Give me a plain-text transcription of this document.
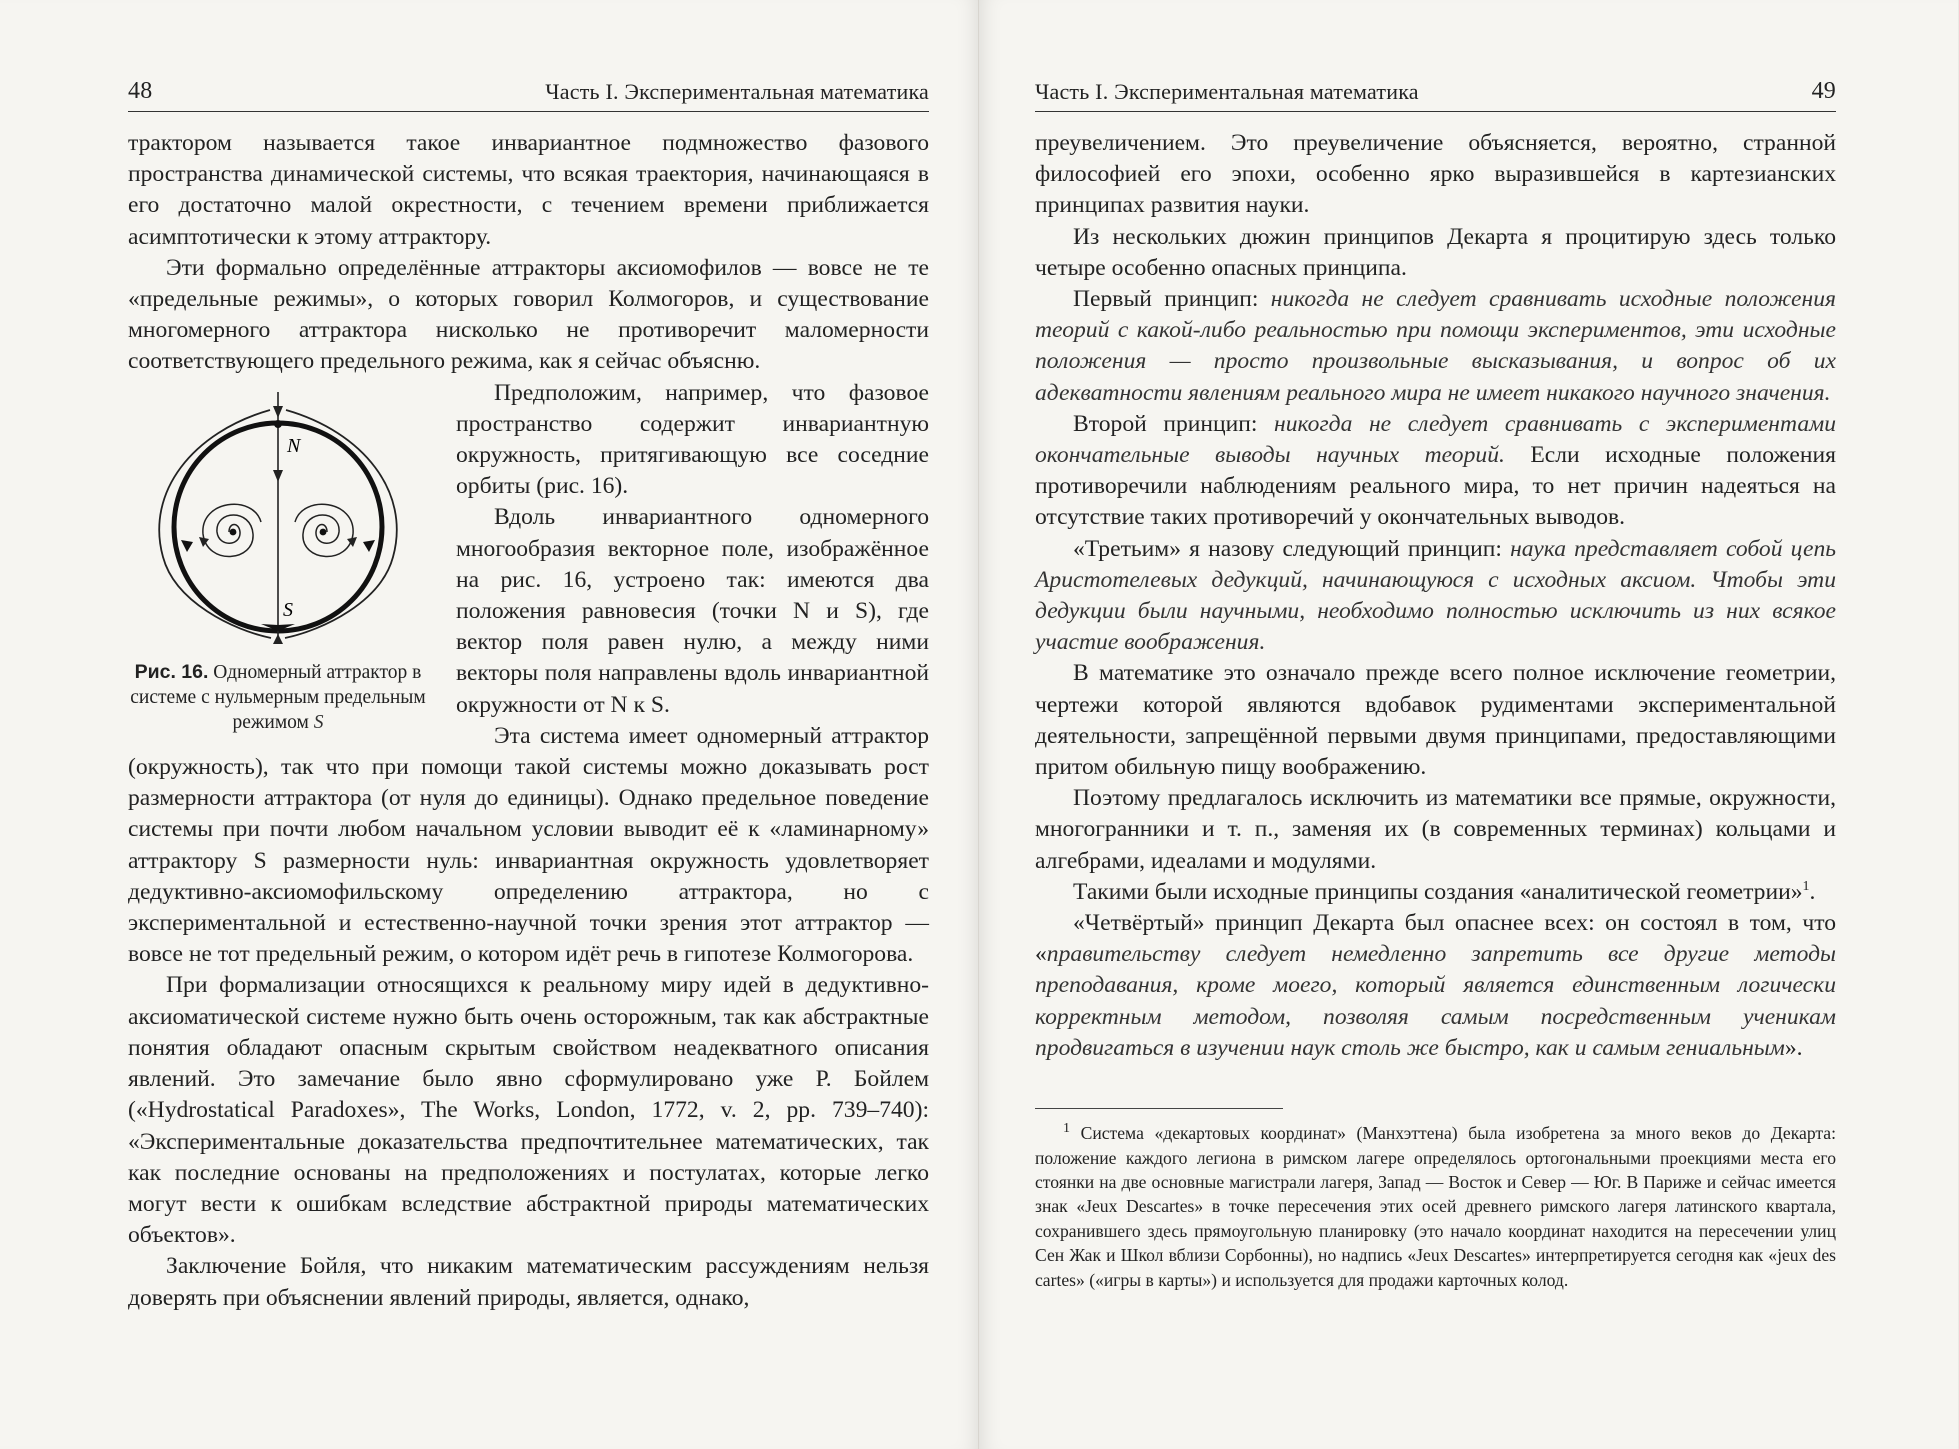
48	Часть I. Экспериментальная математика

трактором называется такое инвариантное подмножество фазового пространства динамической системы, что всякая траектория, начинающаяся в его достаточно малой окрестности, с течением времени приближается асимптотически к этому аттрактору.

Эти формально определённые аттракторы аксиомофилов — вовсе не те «предельные режимы», о которых говорил Колмогоров, и существование многомерного аттрактора нисколько не противоречит маломерности соответствующего предельного режима, как я сейчас объясню.

N
S
Рис. 16. Одномерный аттрактор в системе с нульмерным предельным режимом S

Предположим, например, что фазовое пространство содержит инвариантную окружность, притягивающую все соседние орбиты (рис. 16).

Вдоль инвариантного одномерного многообразия векторное поле, изображённое на рис. 16, устроено так: имеются два положения равновесия (точки N и S), где вектор поля равен нулю, а между ними векторы поля направлены вдоль инвариантной окружности от N к S.

Эта система имеет одномерный аттрактор (окружность), так что при помощи такой системы можно доказывать рост размерности аттрактора (от нуля до единицы). Однако предельное поведение системы при почти любом начальном условии выводит её к «ламинарному» аттрактору S размерности нуль: инвариантная окружность удовлетворяет дедуктивно-аксиомофильскому определению аттрактора, но с экспериментальной и естественно-научной точки зрения этот аттрактор — вовсе не тот предельный режим, о котором идёт речь в гипотезе Колмогорова.

При формализации относящихся к реальному миру идей в дедуктивно-аксиоматической системе нужно быть очень осторожным, так как абстрактные понятия обладают опасным скрытым свойством неадекватного описания явлений. Это замечание было явно сформулировано уже Р. Бойлем («Hydrostatical Paradoxes», The Works, London, 1772, v. 2, pp. 739–740): «Экспериментальные доказательства предпочтительнее математических, так как последние основаны на предположениях и постулатах, которые легко могут вести к ошибкам вследствие абстрактной природы математических объектов».

Заключение Бойля, что никаким математическим рассуждениям нельзя доверять при объяснении явлений природы, является, однако,

Часть I. Экспериментальная математика	49

преувеличением. Это преувеличение объясняется, вероятно, странной философией его эпохи, особенно ярко выразившейся в картезианских принципах развития науки.

Из нескольких дюжин принципов Декарта я процитирую здесь только четыре особенно опасных принципа.

Первый принцип: никогда не следует сравнивать исходные положения теорий с какой-либо реальностью при помощи экспериментов, эти исходные положения — просто произвольные высказывания, и вопрос об их адекватности явлениям реального мира не имеет никакого научного значения.

Второй принцип: никогда не следует сравнивать с экспериментами окончательные выводы научных теорий. Если исходные положения противоречили наблюдениям реального мира, то нет причин надеяться на отсутствие таких противоречий у окончательных выводов.

«Третьим» я назову следующий принцип: наука представляет собой цепь Аристотелевых дедукций, начинающуюся с исходных аксиом. Чтобы эти дедукции были научными, необходимо полностью исключить из них всякое участие воображения.

В математике это означало прежде всего полное исключение геометрии, чертежи которой являются вдобавок рудиментами экспериментальной деятельности, запрещённой первыми двумя принципами, предоставляющими притом обильную пищу воображению.

Поэтому предлагалось исключить из математики все прямые, окружности, многогранники и т. п., заменяя их (в современных терминах) кольцами и алгебрами, идеалами и модулями.

Такими были исходные принципы создания «аналитической геометрии»$^1$.

«Четвёртый» принцип Декарта был опаснее всех: он состоял в том, что «правительству следует немедленно запретить все другие методы преподавания, кроме моего, который является единственным логически корректным методом, позволяя самым посредственным ученикам продвигаться в изучении наук столь же быстро, как и самым гениальным».

$^1$ Система «декартовых координат» (Манхэттена) была изобретена за много веков до Декарта: положение каждого легиона в римском лагере определялось ортогональными проекциями места его стоянки на две основные магистрали лагеря, Запад — Восток и Север — Юг. В Париже и сейчас имеется знак «Jeux Descartes» в точке пересечения этих осей древнего римского лагеря латинского квартала, сохранившего здесь прямоугольную планировку (это начало координат находится на пересечении улиц Сен Жак и Школ вблизи Сорбонны), но надпись «Jeux Descartes» интерпретируется сегодня как «jeux des cartes» («игры в карты») и используется для продажи карточных колод.
